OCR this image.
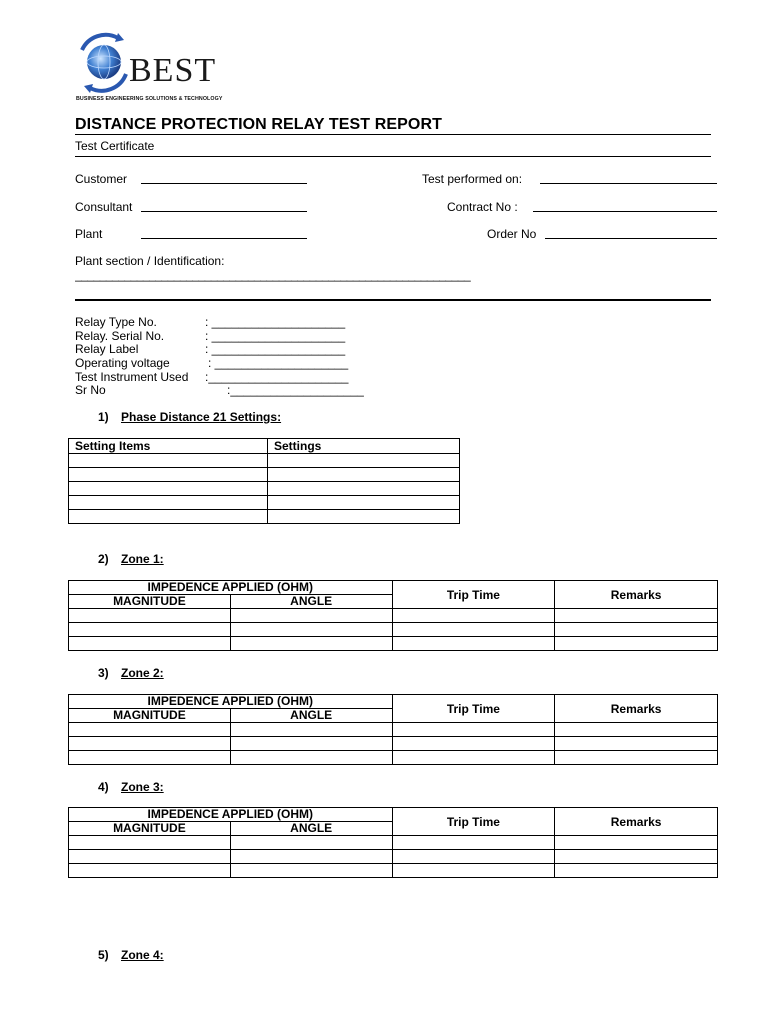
BEST
BUSINESS ENGINEERING SOLUTIONS & TECHNOLOGY
DISTANCE PROTECTION RELAY TEST REPORT
Test Certificate
Customer	Test performed on:
Consultant	Contract No :
Plant	Order No
Plant section / Identification:
________________________________________________________________
Relay Type No.	: ____________________
Relay. Serial No.	: ____________________
Relay Label	: ____________________
Operating voltage	: ____________________
Test Instrument Used :_____________________
Sr No	:____________________
1) Phase Distance 21 Settings:
Setting Items	Settings

2) Zone 1:
IMPEDENCE APPLIED (OHM)		Trip Time	Remarks
MAGNITUDE	ANGLE		

3) Zone 2:
IMPEDENCE APPLIED (OHM)		Trip Time	Remarks
MAGNITUDE	ANGLE		

4) Zone 3:
IMPEDENCE APPLIED (OHM)		Trip Time	Remarks
MAGNITUDE	ANGLE		

5) Zone 4:
